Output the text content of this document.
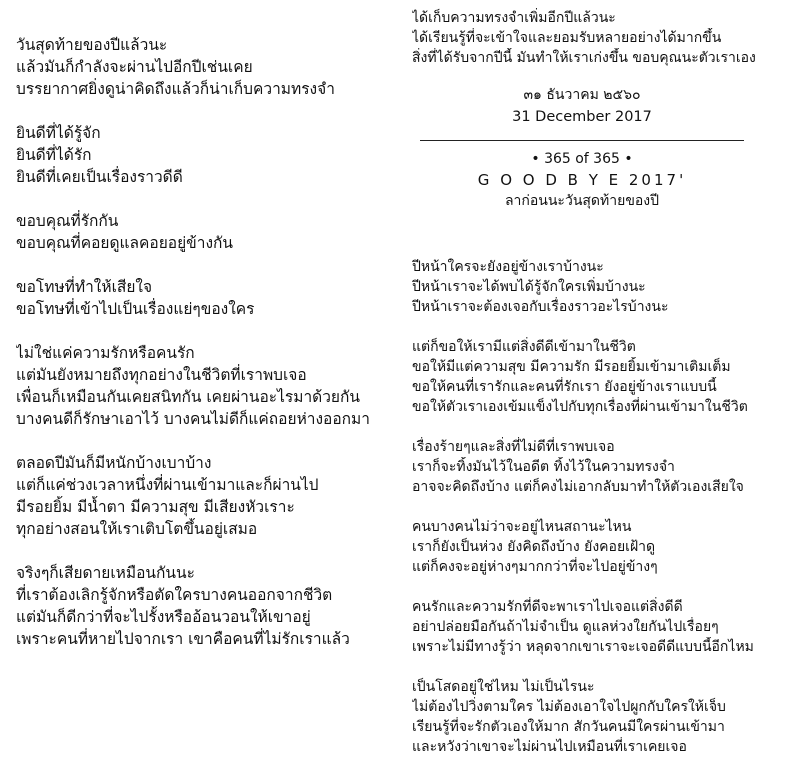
วันสุดท้ายของปีแล้วนะ
แล้วมันก็กำลังจะผ่านไปอีกปีเช่นเคย
บรรยากาศยิ่งดูน่าคิดถึงแล้วก็น่าเก็บความทรงจำ
ยินดีที่ได้รู้จัก
ยินดีที่ได้รัก
ยินดีที่เคยเป็นเรื่องราวดีดี
ขอบคุณที่รักกัน
ขอบคุณที่คอยดูแลคอยอยู่ข้างกัน
ขอโทษที่ทำให้เสียใจ
ขอโทษที่เข้าไปเป็นเรื่องแย่ๆของใคร
ไม่ใช่แค่ความรักหรือคนรัก
แต่มันยังหมายถึงทุกอย่างในชีวิตที่เราพบเจอ
เพื่อนก็เหมือนกันเคยสนิทกัน เคยผ่านอะไรมาด้วยกัน
บางคนดีก็รักษาเอาไว้ บางคนไม่ดีก็แค่ถอยห่างออกมา
ตลอดปีมันก็มีหนักบ้างเบาบ้าง
แต่ก็แค่ช่วงเวลาหนึ่งที่ผ่านเข้ามาและก็ผ่านไป
มีรอยยิ้ม มีน้ำตา มีความสุข มีเสียงหัวเราะ
ทุกอย่างสอนให้เราเติบโตขึ้นอยู่เสมอ
จริงๆก็เสียดายเหมือนกันนะ
ที่เราต้องเลิกรู้จักหรือตัดใครบางคนออกจากชีวิต
แต่มันก็ดีกว่าที่จะไปรั้งหรืออ้อนวอนให้เขาอยู่
เพราะคนที่หายไปจากเรา เขาคือคนที่ไม่รักเราแล้ว
ได้เก็บความทรงจำเพิ่มอีกปีแล้วนะ
ได้เรียนรู้ที่จะเข้าใจและยอมรับหลายอย่างได้มากขึ้น
สิ่งที่ได้รับจากปีนี้ มันทำให้เราเก่งขึ้น ขอบคุณนะตัวเราเอง
๓๑ ธันวาคม ๒๕๖๐
31 December 2017
• 365 of 365 •
G O O D B Y E 2017'
ลาก่อนนะวันสุดท้ายของปี
ปีหน้าใครจะยังอยู่ข้างเราบ้างนะ
ปีหน้าเราจะได้พบได้รู้จักใครเพิ่มบ้างนะ
ปีหน้าเราจะต้องเจอกับเรื่องราวอะไรบ้างนะ
แต่ก็ขอให้เรามีแต่สิ่งดีดีเข้ามาในชีวิต
ขอให้มีแต่ความสุข มีความรัก มีรอยยิ้มเข้ามาเติมเต็ม
ขอให้คนที่เรารักและคนที่รักเรา ยังอยู่ข้างเราแบบนี้
ขอให้ตัวเราเองเข้มแข็งไปกับทุกเรื่องที่ผ่านเข้ามาในชีวิต
เรื่องร้ายๆและสิ่งที่ไม่ดีที่เราพบเจอ
เราก็จะทิ้งมันไว้ในอดีต ทิ้งไว้ในความทรงจำ
อาจจะคิดถึงบ้าง แต่ก็คงไม่เอากลับมาทำให้ตัวเองเสียใจ
คนบางคนไม่ว่าจะอยู่ไหนสถานะไหน
เราก็ยังเป็นห่วง ยังคิดถึงบ้าง ยังคอยเฝ้าดู
แต่ก็คงจะอยู่ห่างๆมากกว่าที่จะไปอยู่ข้างๆ
คนรักและความรักที่ดีจะพาเราไปเจอแต่สิ่งดีดี
อย่าปล่อยมือกันถ้าไม่จำเป็น ดูแลห่วงใยกันไปเรื่อยๆ
เพราะไม่มีทางรู้ว่า หลุดจากเขาเราจะเจอดีดีแบบนี้อีกไหม
เป็นโสดอยู่ใช่ไหม ไม่เป็นไรนะ
ไม่ต้องไปวิ่งตามใคร ไม่ต้องเอาใจไปผูกกับใครให้เจ็บ
เรียนรู้ที่จะรักตัวเองให้มาก สักวันคนมีใครผ่านเข้ามา
และหวังว่าเขาจะไม่ผ่านไปเหมือนที่เราเคยเจอ
